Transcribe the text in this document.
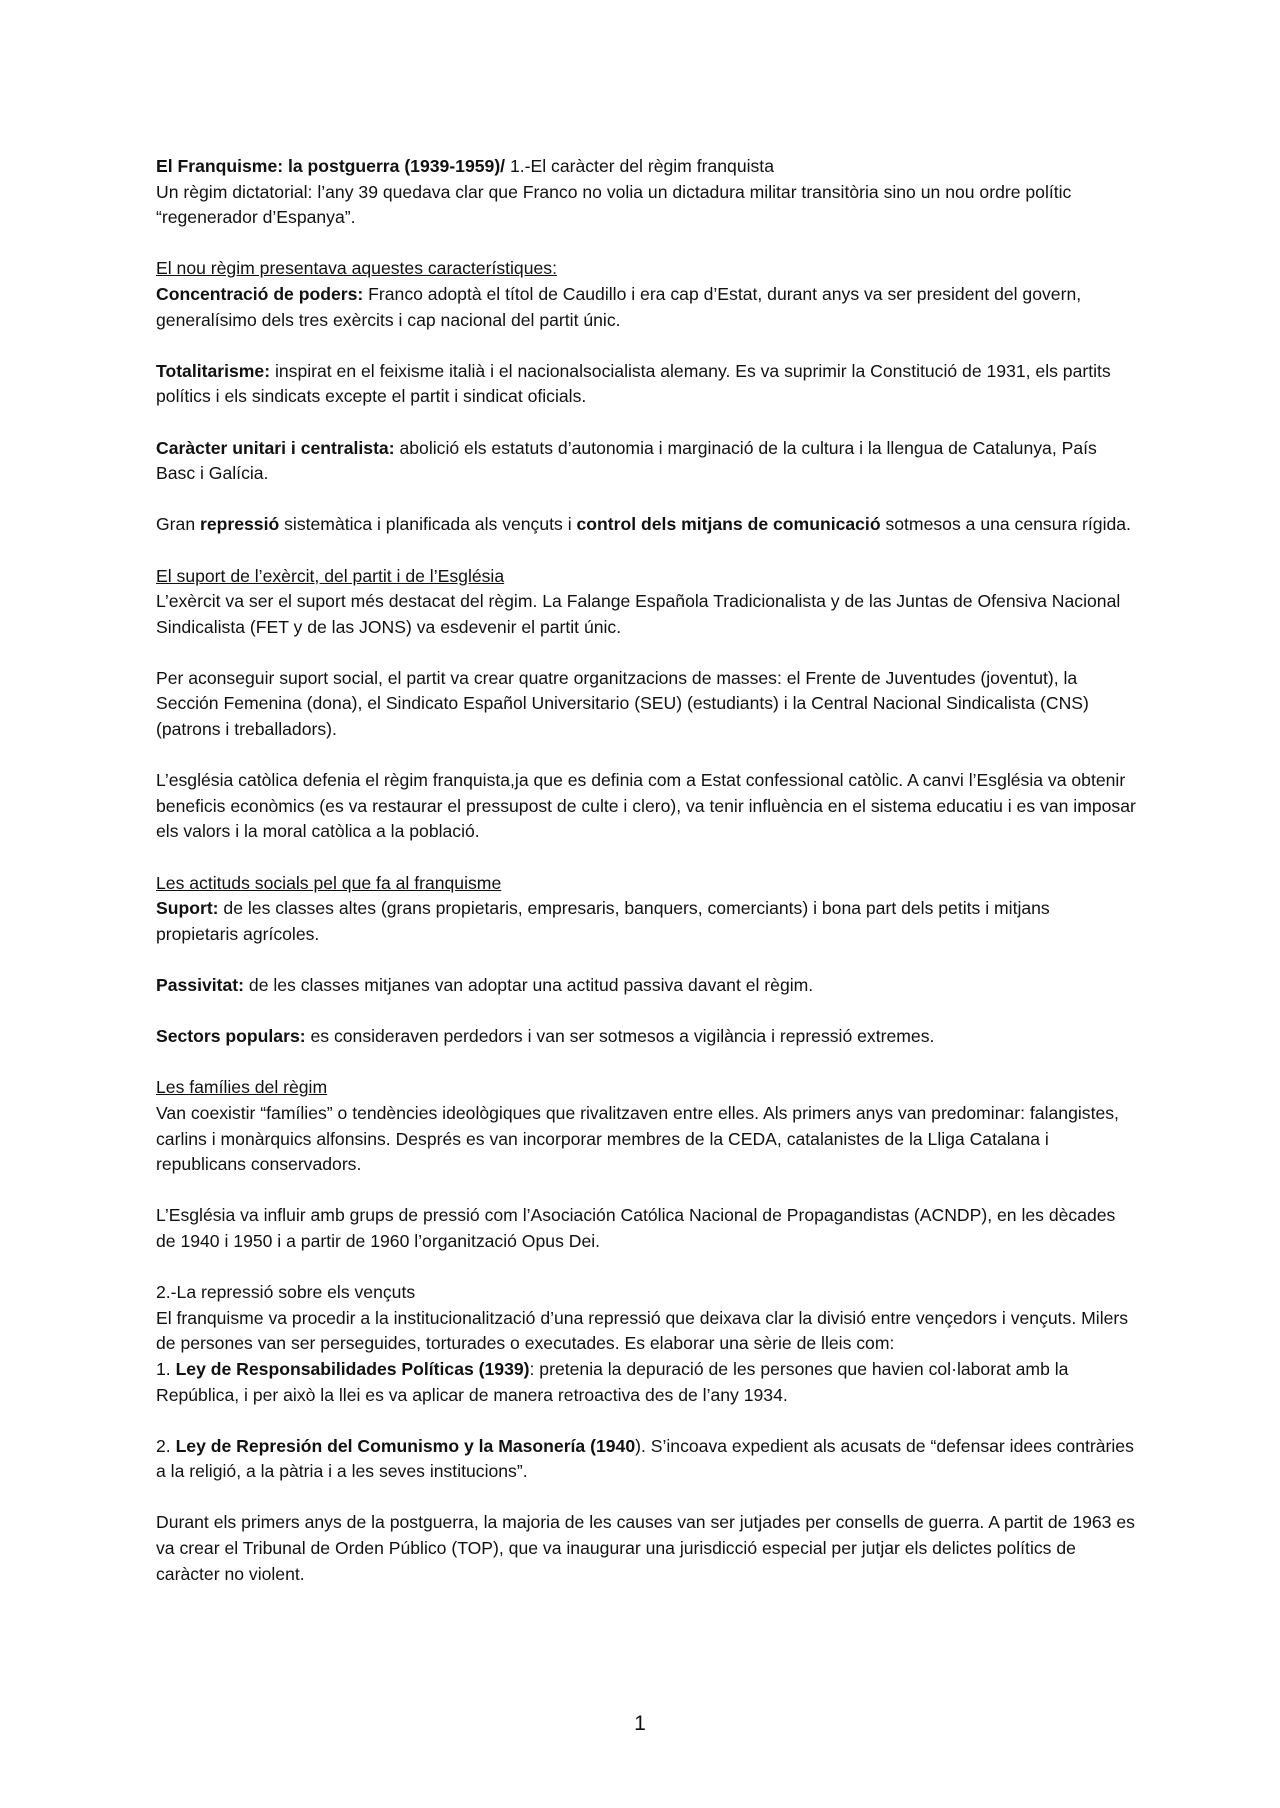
El Franquisme: la postguerra (1939-1959)/ 1.-El caràcter del règim franquista

Un règim dictatorial: l’any 39 quedava clar que Franco no volia un dictadura militar transitòria sino un nou ordre polític “regenerador d’Espanya”.

El nou règim presentava aquestes característiques:

Concentració de poders: Franco adoptà el títol de Caudillo i era cap d’Estat, durant anys va ser president del govern, generalísimo dels tres exèrcits i cap nacional del partit únic.

Totalitarisme: inspirat en el feixisme italià i el nacionalsocialista alemany. Es va suprimir la Constitució de 1931, els partits polítics i els sindicats excepte el partit i sindicat oficials.

Caràcter unitari i centralista: abolició els estatuts d’autonomia i marginació de la cultura i la llengua de Catalunya, País Basc i Galícia.

Gran repressió sistemàtica i planificada als vençuts i control dels mitjans de comunicació sotmesos a una censura rígida.

El suport de l’exèrcit, del partit i de l’Església

L’exèrcit va ser el suport més destacat del règim. La Falange Española Tradicionalista y de las Juntas de Ofensiva Nacional Sindicalista (FET y de las JONS) va esdevenir el partit únic.

Per aconseguir suport social, el partit va crear quatre organitzacions de masses: el Frente de Juventudes (joventut), la Sección Femenina (dona), el Sindicato Español Universitario (SEU) (estudiants) i la Central Nacional Sindicalista (CNS) (patrons i treballadors).

L’església catòlica defenia el règim franquista,ja que es definia com a Estat confessional catòlic. A canvi l’Església va obtenir beneficis econòmics (es va restaurar el pressupost de culte i clero), va tenir influència en el sistema educatiu i es van imposar els valors i la moral catòlica a la població.

Les actituds socials pel que fa al franquisme

Suport: de les classes altes (grans propietaris, empresaris, banquers, comerciants) i bona part dels petits i mitjans propietaris agrícoles.

Passivitat: de les classes mitjanes van adoptar una actitud passiva davant el règim.

Sectors populars: es consideraven perdedors i van ser sotmesos a vigilància i repressió extremes.

Les famílies del règim

Van coexistir “famílies” o tendències ideològiques que rivalitzaven entre elles. Als primers anys van predominar: falangistes, carlins i monàrquics alfonsins. Després es van incorporar membres de la CEDA, catalanistes de la Lliga Catalana i republicans conservadors.

L’Església va influir amb grups de pressió com l’Asociación Católica Nacional de Propagandistas (ACNDP), en les dècades de 1940 i 1950 i a partir de 1960 l’organització Opus Dei.

2.-La repressió sobre els vençuts

El franquisme va procedir a la institucionalització d’una repressió que deixava clar la divisió entre vençedors i vençuts. Milers de persones van ser perseguides, torturades o executades. Es elaborar una sèrie de lleis com:

1. Ley de Responsabilidades Políticas (1939): pretenia la depuració de les persones que havien col·laborat amb la República, i per això la llei es va aplicar de manera retroactiva des de l’any 1934.

2. Ley de Represión del Comunismo y la Masonería (1940). S’incoava expedient als acusats de “defensar idees contràries a la religió, a la pàtria i a les seves institucions”.

Durant els primers anys de la postguerra, la majoria de les causes van ser jutjades per consells de guerra. A partit de 1963 es va crear el Tribunal de Orden Público (TOP), que va inaugurar una jurisdicció especial per jutjar els delictes polítics de caràcter no violent.

1
